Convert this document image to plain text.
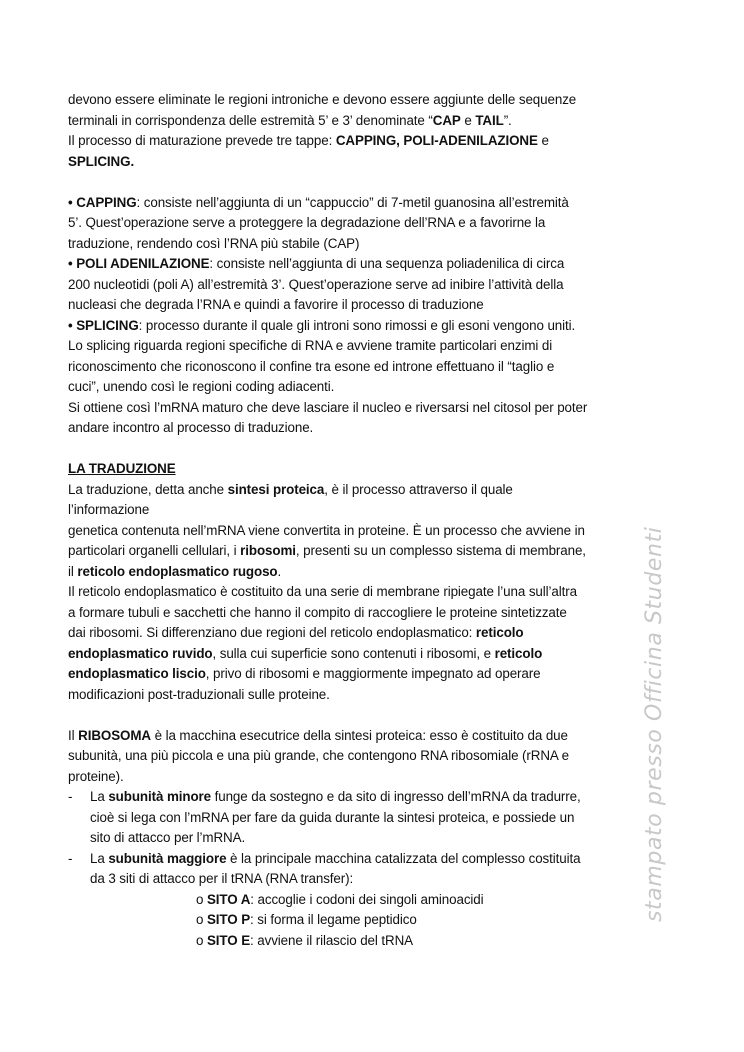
devono essere eliminate le regioni introniche e devono essere aggiunte delle sequenze
terminali in corrispondenza delle estremità 5’ e 3’ denominate “CAP e TAIL”.
Il processo di maturazione prevede tre tappe: CAPPING, POLI-ADENILAZIONE e
SPLICING.
• CAPPING: consiste nell’aggiunta di un “cappuccio” di 7-metil guanosina all’estremità
5’. Quest’operazione serve a proteggere la degradazione dell’RNA e a favorirne la
traduzione, rendendo così l’RNA più stabile (CAP)
• POLI ADENILAZIONE: consiste nell’aggiunta di una sequenza poliadenilica di circa
200 nucleotidi (poli A) all’estremità 3’. Quest’operazione serve ad inibire l’attività della
nucleasi che degrada l’RNA e quindi a favorire il processo di traduzione
• SPLICING: processo durante il quale gli introni sono rimossi e gli esoni vengono uniti.
Lo splicing riguarda regioni specifiche di RNA e avviene tramite particolari enzimi di
riconoscimento che riconoscono il confine tra esone ed introne effettuano il “taglio e
cuci”, unendo così le regioni coding adiacenti.
Si ottiene così l’mRNA maturo che deve lasciare il nucleo e riversarsi nel citosol per poter
andare incontro al processo di traduzione.
LA TRADUZIONE
La traduzione, detta anche sintesi proteica, è il processo attraverso il quale
l’informazione
genetica contenuta nell’mRNA viene convertita in proteine. È un processo che avviene in
particolari organelli cellulari, i ribosomi, presenti su un complesso sistema di membrane,
il reticolo endoplasmatico rugoso.
Il reticolo endoplasmatico è costituito da una serie di membrane ripiegate l’una sull’altra
a formare tubuli e sacchetti che hanno il compito di raccogliere le proteine sintetizzate
dai ribosomi. Si differenziano due regioni del reticolo endoplasmatico: reticolo
endoplasmatico ruvido, sulla cui superficie sono contenuti i ribosomi, e reticolo
endoplasmatico liscio, privo di ribosomi e maggiormente impegnato ad operare
modificazioni post-traduzionali sulle proteine.
Il RIBOSOMA è la macchina esecutrice della sintesi proteica: esso è costituito da due
subunità, una più piccola e una più grande, che contengono RNA ribosomiale (rRNA e
proteine).
- La subunità minore funge da sostegno e da sito di ingresso dell’mRNA da tradurre,
cioè si lega con l’mRNA per fare da guida durante la sintesi proteica, e possiede un
sito di attacco per l’mRNA.
- La subunità maggiore è la principale macchina catalizzata del complesso costituita
da 3 siti di attacco per il tRNA (RNA transfer):
o SITO A: accoglie i codoni dei singoli aminoacidi
o SITO P: si forma il legame peptidico
o SITO E: avviene il rilascio del tRNA
stampato presso Officina Studenti
